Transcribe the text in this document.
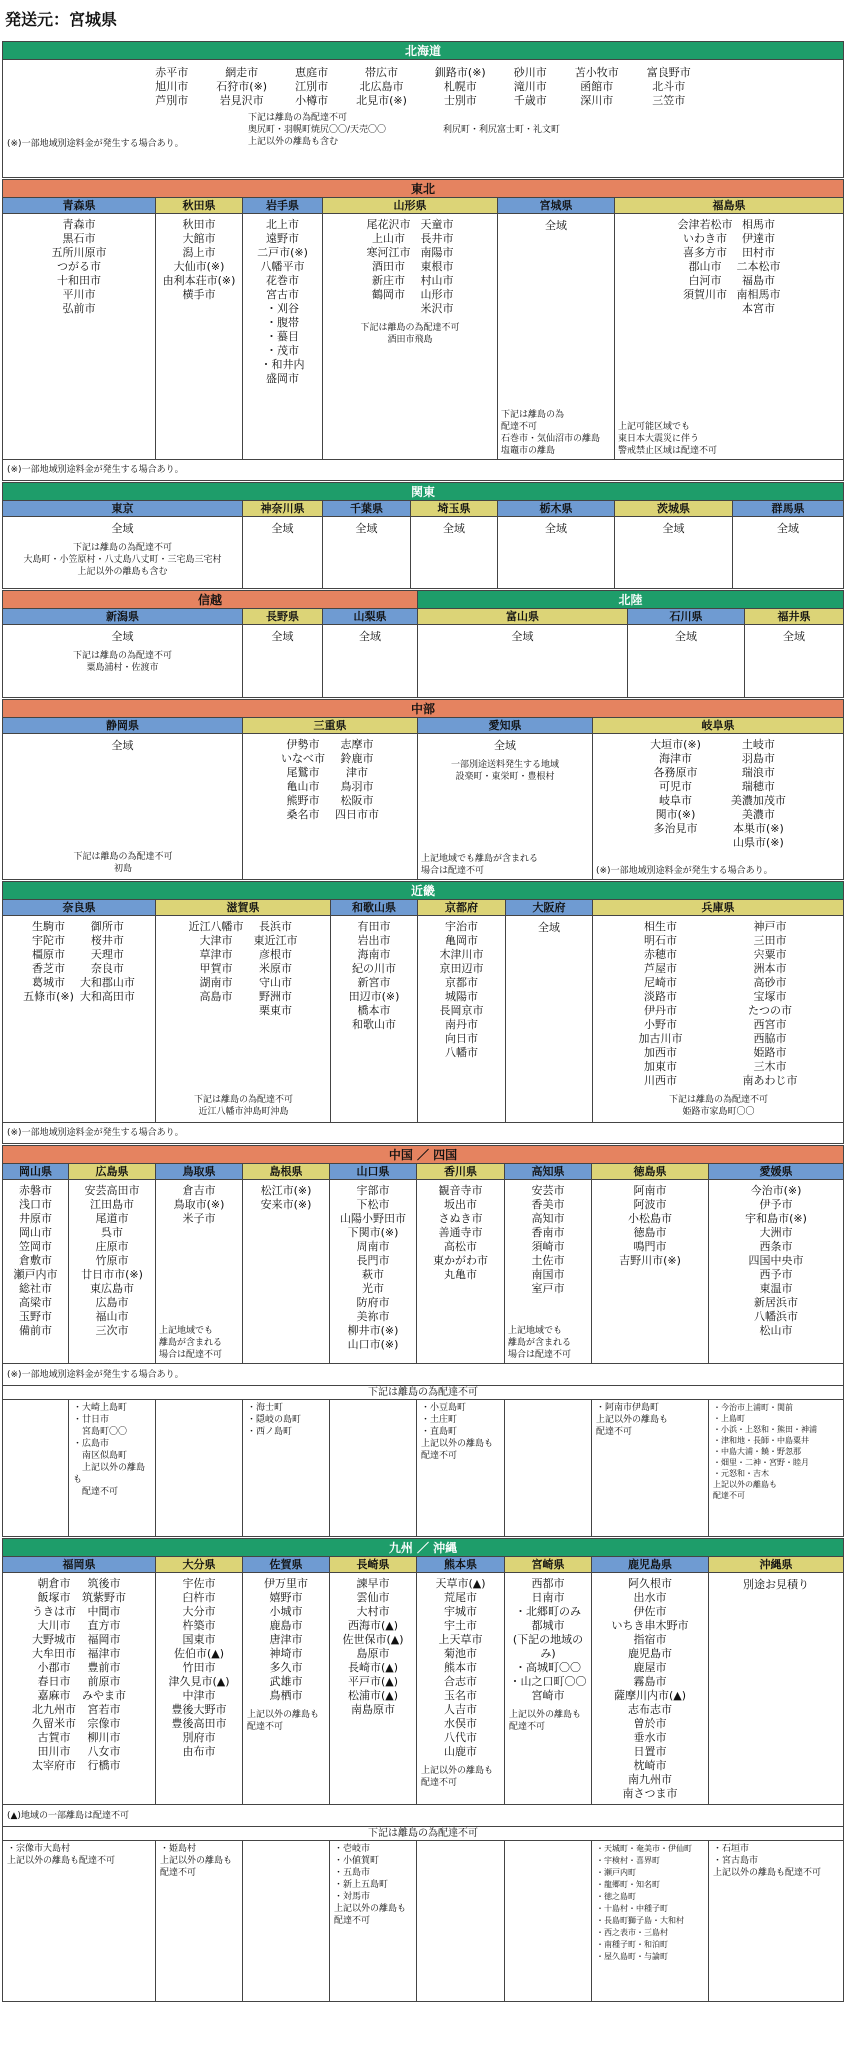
発送元：宮城県
北海道
赤平市
旭川市
芦別市
網走市
石狩市(※)
岩見沢市
恵庭市
江別市
小樽市
帯広市
北広島市
北見市(※)
釧路市(※)
札幌市
士別市
砂川市
滝川市
千歳市
苫小牧市
函館市
深川市
富良野市
北斗市
三笠市
下記は離島の為配達不可
奥尻町・羽幌町焼尻〇〇/天売〇〇	利尻町・利尻富士町・礼文町
上記以外の離島も含む
(※)一部地域別途料金が発生する場合あり。
東北
青森県
青森市
黒石市
五所川原市
つがる市
十和田市
平川市
弘前市
秋田県
秋田市
大館市
潟上市
大仙市(※)
由利本荘市(※)
横手市
岩手県
北上市
遠野市
二戸市(※)
八幡平市
花巻市
宮古市
・刈谷
・腹帯
・蟇目
・茂市
・和井内
盛岡市
山形県
尾花沢市
上山市
寒河江市
酒田市
新庄市
鶴岡市
天童市
長井市
南陽市
東根市
村山市
山形市
米沢市
下記は離島の為配達不可
酒田市飛島
宮城県
全域
下記は離島の為
配達不可
石巻市・気仙沼市の離島
塩竈市の離島
福島県
会津若松市
いわき市
喜多方市
郡山市
白河市
須賀川市
相馬市
伊達市
田村市
二本松市
福島市
南相馬市
本宮市
上記可能区域でも
東日本大震災に伴う
警戒禁止区域は配達不可
(※)一部地域別途料金が発生する場合あり。
関東
東京
全域
下記は離島の為配達不可
大島町・小笠原村・八丈島八丈町・三宅島三宅村
上記以外の離島も含む
神奈川県
全域
千葉県
全域
埼玉県
全域
栃木県
全域
茨城県
全域
群馬県
全域
信越	北陸
新潟県
全域
下記は離島の為配達不可
粟島浦村・佐渡市
長野県
全域
山梨県
全域
富山県
全域
石川県
全域
福井県
全域
中部
静岡県
全域
下記は離島の為配達不可
初島
三重県
伊勢市
いなべ市
尾鷲市
亀山市
熊野市
桑名市
志摩市
鈴鹿市
津市
鳥羽市
松阪市
四日市市
愛知県
全域
一部別途送料発生する地域
設楽町・東栄町・豊根村
上記地域でも離島が含まれる
場合は配達不可
岐阜県
大垣市(※)
海津市
各務原市
可児市
岐阜市
関市(※)
多治見市
土岐市
羽島市
瑞浪市
瑞穂市
美濃加茂市
美濃市
本巣市(※)
山県市(※)
(※)一部地域別途料金が発生する場合あり。
近畿
奈良県
生駒市
宇陀市
橿原市
香芝市
葛城市
五條市(※)
御所市
桜井市
天理市
奈良市
大和郡山市
大和高田市
滋賀県
近江八幡市
大津市
草津市
甲賀市
湖南市
高島市
長浜市
東近江市
彦根市
米原市
守山市
野洲市
栗東市
下記は離島の為配達不可
近江八幡市沖島町沖島
和歌山県
有田市
岩出市
海南市
紀の川市
新宮市
田辺市(※)
橋本市
和歌山市
京都府
宇治市
亀岡市
木津川市
京田辺市
京都市
城陽市
長岡京市
南丹市
向日市
八幡市
大阪府
全域
兵庫県
相生市
明石市
赤穂市
芦屋市
尼崎市
淡路市
伊丹市
小野市
加古川市
加西市
加東市
川西市
神戸市
三田市
宍粟市
洲本市
高砂市
宝塚市
たつの市
西宮市
西脇市
姫路市
三木市
南あわじ市
下記は離島の為配達不可
姫路市家島町〇〇
(※)一部地域別途料金が発生する場合あり。
中国 ／ 四国
岡山県
赤磐市
浅口市
井原市
岡山市
笠岡市
倉敷市
瀬戸内市
総社市
高梁市
玉野市
備前市
広島県
安芸高田市
江田島市
尾道市
呉市
庄原市
竹原市
廿日市市(※)
東広島市
広島市
福山市
三次市
鳥取県
倉吉市
鳥取市(※)
米子市
上記地域でも
離島が含まれる
場合は配達不可
島根県
松江市(※)
安来市(※)
山口県
宇部市
下松市
山陽小野田市
下関市(※)
周南市
長門市
萩市
光市
防府市
美祢市
柳井市(※)
山口市(※)
香川県
観音寺市
坂出市
さぬき市
善通寺市
高松市
東かがわ市
丸亀市
高知県
安芸市
香美市
高知市
香南市
須崎市
土佐市
南国市
室戸市
上記地域でも
離島が含まれる
場合は配達不可
徳島県
阿南市
阿波市
小松島市
徳島市
鳴門市
吉野川市(※)
愛媛県
今治市(※)
伊予市
宇和島市(※)
大洲市
西条市
四国中央市
西予市
東温市
新居浜市
八幡浜市
松山市
(※)一部地域別途料金が発生する場合あり。
下記は離島の為配達不可
・大崎上島町
・廿日市
　宮島町〇〇
・広島市
　南区似島町
　上記以外の離島も
　配達不可
・海士町
・隠岐の島町
・西ノ島町
・小豆島町
・土庄町
・直島町
上記以外の離島も
配達不可
・阿南市伊島町
上記以外の離島も
配達不可
・今治市上浦町・関前
・上島町
・小浜・上怒和・熊田・神浦
・津和地・長師・中島粟井
・中島大浦・饒・野忽那
・畑里・二神・宮野・睦月
・元怒和・吉木
上記以外の離島も
配達不可
九州 ／ 沖縄
福岡県
朝倉市
飯塚市
うきは市
大川市
大野城市
大牟田市
小郡市
春日市
嘉麻市
北九州市
久留米市
古賀市
田川市
太宰府市
筑後市
筑紫野市
中間市
直方市
福岡市
福津市
豊前市
前原市
みやま市
宮若市
宗像市
柳川市
八女市
行橋市
大分県
宇佐市
臼杵市
大分市
杵築市
国東市
佐伯市(▲)
竹田市
津久見市(▲)
中津市
豊後大野市
豊後高田市
別府市
由布市
佐賀県
伊万里市
嬉野市
小城市
鹿島市
唐津市
神埼市
多久市
武雄市
鳥栖市
上記以外の離島も
配達不可
長崎県
諫早市
雲仙市
大村市
西海市(▲)
佐世保市(▲)
島原市
長崎市(▲)
平戸市(▲)
松浦市(▲)
南島原市
熊本県
天草市(▲)
荒尾市
宇城市
宇土市
上天草市
菊池市
熊本市
合志市
玉名市
人吉市
水俣市
八代市
山鹿市
上記以外の離島も
配達不可
宮崎県
西都市
日南市
・北郷町のみ
都城市
(下記の地域のみ)
・高城町〇〇
・山之口町〇〇
宮崎市
上記以外の離島も
配達不可
鹿児島県
阿久根市
出水市
伊佐市
いちき串木野市
指宿市
鹿児島市
鹿屋市
霧島市
薩摩川内市(▲)
志布志市
曽於市
垂水市
日置市
枕崎市
南九州市
南さつま市
沖縄県
別途お見積り
(▲)地域の一部離島は配達不可
下記は離島の為配達不可
・宗像市大島村
上記以外の離島も配達不可
・姫島村
上記以外の離島も
配達不可
・壱岐市
・小値賀町
・五島市
・新上五島町
・対馬市
上記以外の離島も
配達不可
・天城町・奄美市・伊仙町
・宇検村・喜界町
・瀬戸内町
・龍郷町・知名町
・徳之島町
・十島村・中種子町
・長島町獅子島・大和村
・西之表市・三島村
・南種子町・和泊町
・屋久島町・与論町
・石垣市
・宮古島市
上記以外の離島も配達不可
